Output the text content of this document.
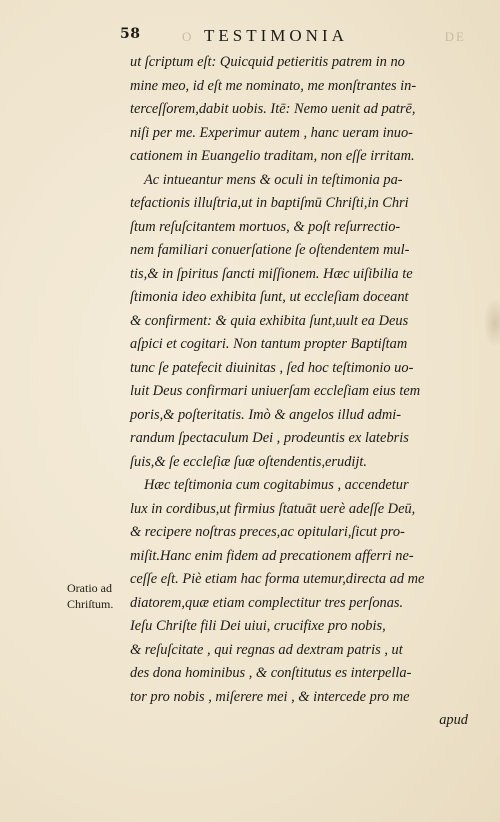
58	O TESTIMONIA	DE
Oratio ad
Chriſtum.
ut ſcriptum eſt: Quicquid petieritis patrem in no
mine meo, id eſt me nominato, me monſtrantes in-
terceſſorem,dabit uobis. Itē: Nemo uenit ad patrē,
niſi per me. Experimur autem , hanc ueram inuo-
cationem in Euangelio traditam, non eſſe irritam.
Ac intueantur mens & oculi in teſtimonia pa-
tefactionis illuſtria,ut in baptiſmū Chriſti,in Chri
ſtum reſuſcitantem mortuos, & poſt reſurrectio-
nem familiari conuerſatione ſe oſtendentem mul-
tis,& in ſpiritus ſancti miſſionem. Hæc uiſibilia te
ſtimonia ideo exhibita ſunt, ut eccleſiam doceant
& confirment: & quia exhibita ſunt,uult ea Deus
aſpici et cogitari. Non tantum propter Baptiſtam
tunc ſe patefecit diuinitas , ſed hoc teſtimonio uo-
luit Deus confirmari uniuerſam eccleſiam eius tem
poris,& poſteritatis. Imò & angelos illud admi-
randum ſpectaculum Dei , prodeuntis ex latebris
ſuis,& ſe eccleſiæ ſuæ oſtendentis,erudijt.
Hæc teſtimonia cum cogitabimus , accendetur
lux in cordibus,ut firmius ſtatuāt uerè adeſſe Deū,
& recipere noſtras preces,ac opitulari,ſicut pro-
miſit.Hanc enim fidem ad precationem afferri ne-
ceſſe eſt. Piè etiam hac forma utemur,directa ad me
diatorem,quæ etiam complectitur tres perſonas.
Ieſu Chriſte fili Dei uiui, crucifixe pro nobis,
& reſuſcitate , qui regnas ad dextram patris , ut
des dona hominibus , & conſtitutus es interpella-
tor pro nobis , miſerere mei , & intercede pro me
apud
